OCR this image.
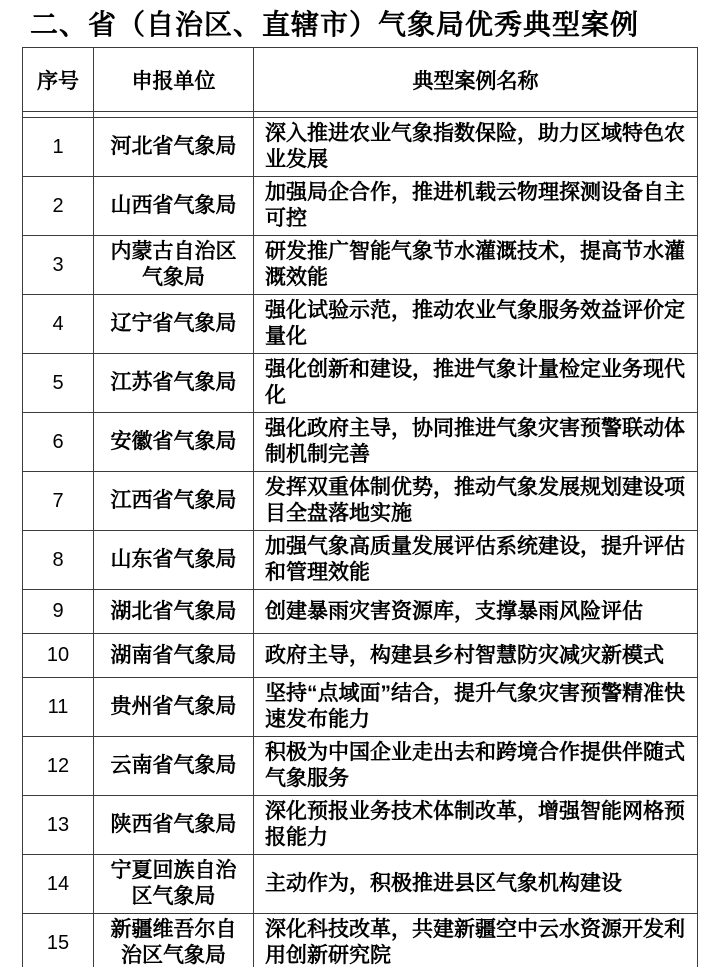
二、省（自治区、直辖市）气象局优秀典型案例
序号	申报单位	典型案例名称

1	河北省气象局	深入推进农业气象指数保险，助力区域特色农业发展
2	山西省气象局	加强局企合作，推进机载云物理探测设备自主可控
3	内蒙古自治区气象局	研发推广智能气象节水灌溉技术，提高节水灌溉效能
4	辽宁省气象局	强化试验示范，推动农业气象服务效益评价定量化
5	江苏省气象局	强化创新和建设，推进气象计量检定业务现代化
6	安徽省气象局	强化政府主导，协同推进气象灾害预警联动体制机制完善
7	江西省气象局	发挥双重体制优势，推动气象发展规划建设项目全盘落地实施
8	山东省气象局	加强气象高质量发展评估系统建设，提升评估和管理效能
9	湖北省气象局	创建暴雨灾害资源库，支撑暴雨风险评估
10	湖南省气象局	政府主导，构建县乡村智慧防灾减灾新模式
11	贵州省气象局	坚持“点域面”结合，提升气象灾害预警精准快速发布能力
12	云南省气象局	积极为中国企业走出去和跨境合作提供伴随式气象服务
13	陕西省气象局	深化预报业务技术体制改革，增强智能网格预报能力
14	宁夏回族自治区气象局	主动作为，积极推进县区气象机构建设
15	新疆维吾尔自治区气象局	深化科技改革，共建新疆空中云水资源开发利用创新研究院
